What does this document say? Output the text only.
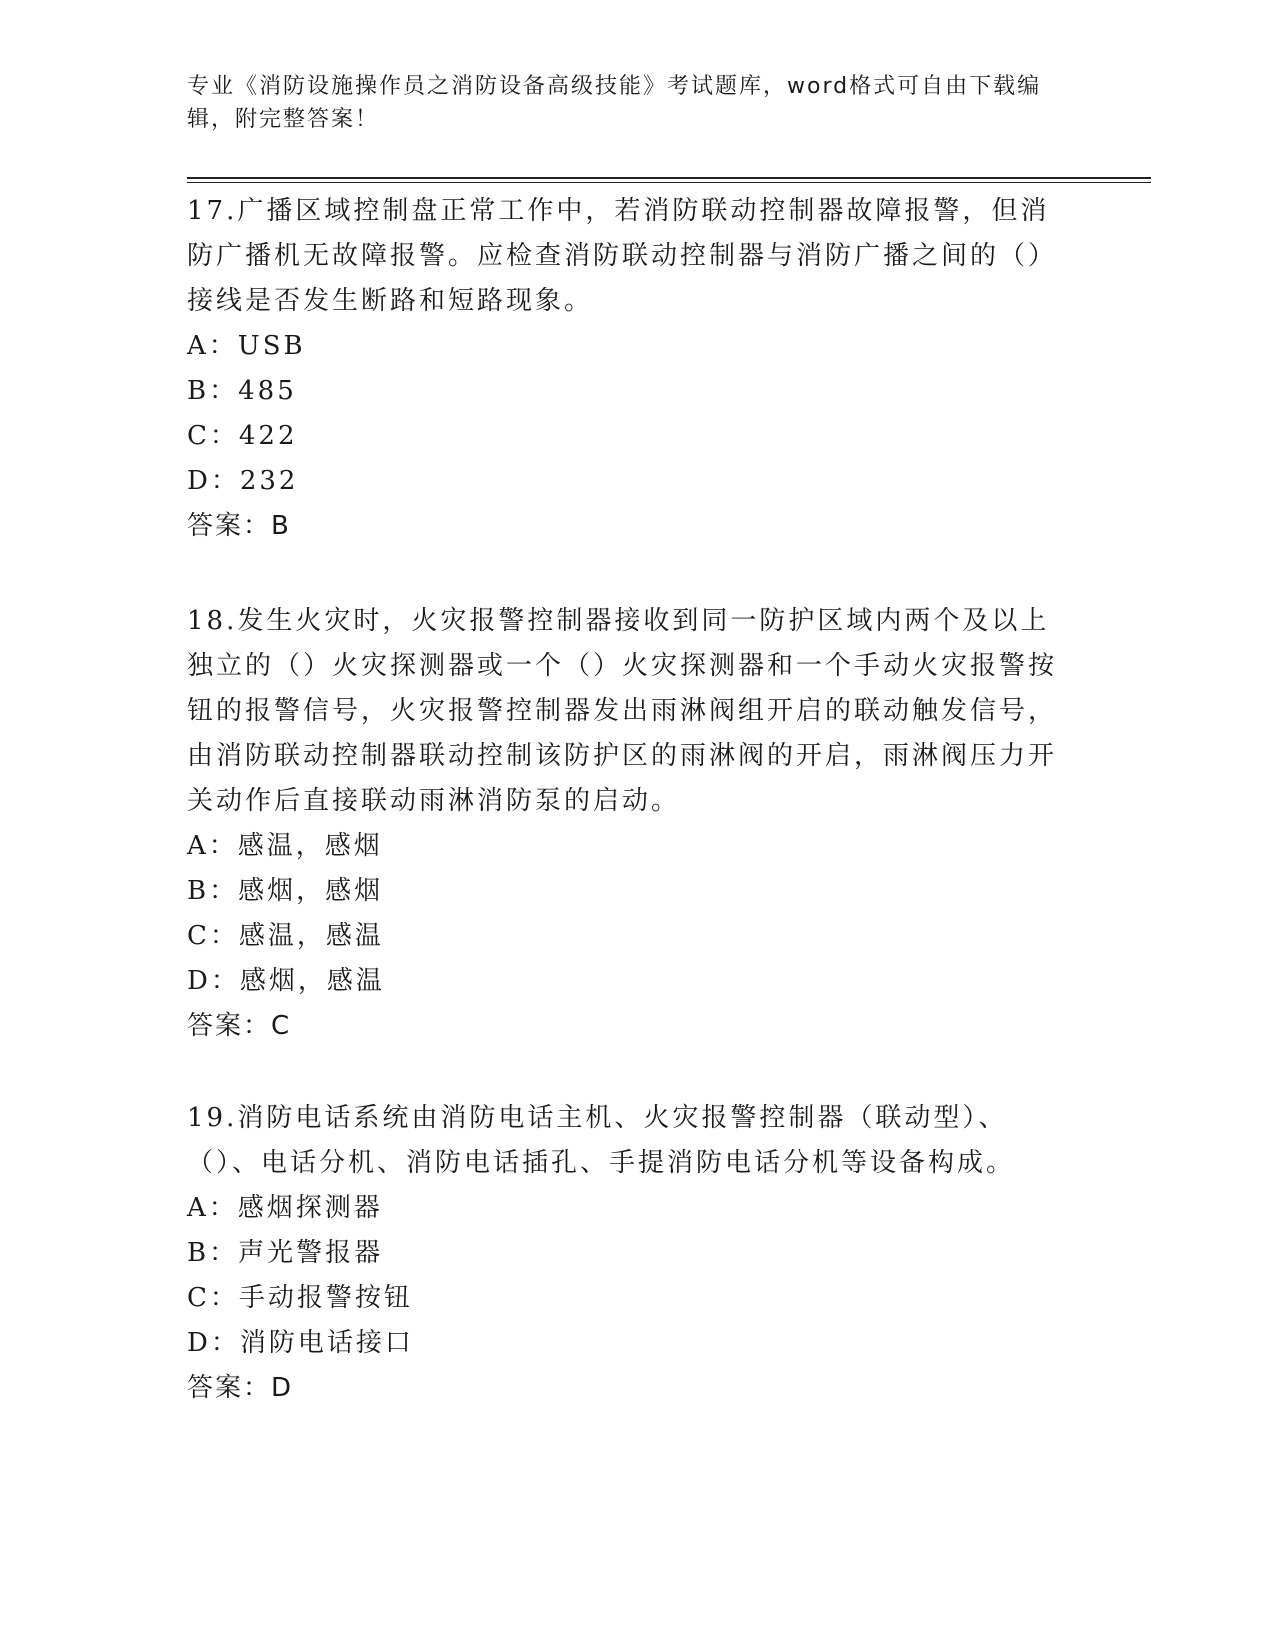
专业《消防设施操作员之消防设备高级技能》考试题库，word格式可自由下载编辑，附完整答案！

17.广播区域控制盘正常工作中，若消防联动控制器故障报警，但消防广播机无故障报警。应检查消防联动控制器与消防广播之间的（）接线是否发生断路和短路现象。

A：USB
B：485
C：422
D：232
答案：B

18.发生火灾时，火灾报警控制器接收到同一防护区域内两个及以上独立的（）火灾探测器或一个（）火灾探测器和一个手动火灾报警按钮的报警信号，火灾报警控制器发出雨淋阀组开启的联动触发信号，由消防联动控制器联动控制该防护区的雨淋阀的开启，雨淋阀压力开关动作后直接联动雨淋消防泵的启动。

A：感温，感烟
B：感烟，感烟
C：感温，感温
D：感烟，感温
答案：C

19.消防电话系统由消防电话主机、火灾报警控制器（联动型）、（）、电话分机、消防电话插孔、手提消防电话分机等设备构成。

A：感烟探测器
B：声光警报器
C：手动报警按钮
D：消防电话接口
答案：D
